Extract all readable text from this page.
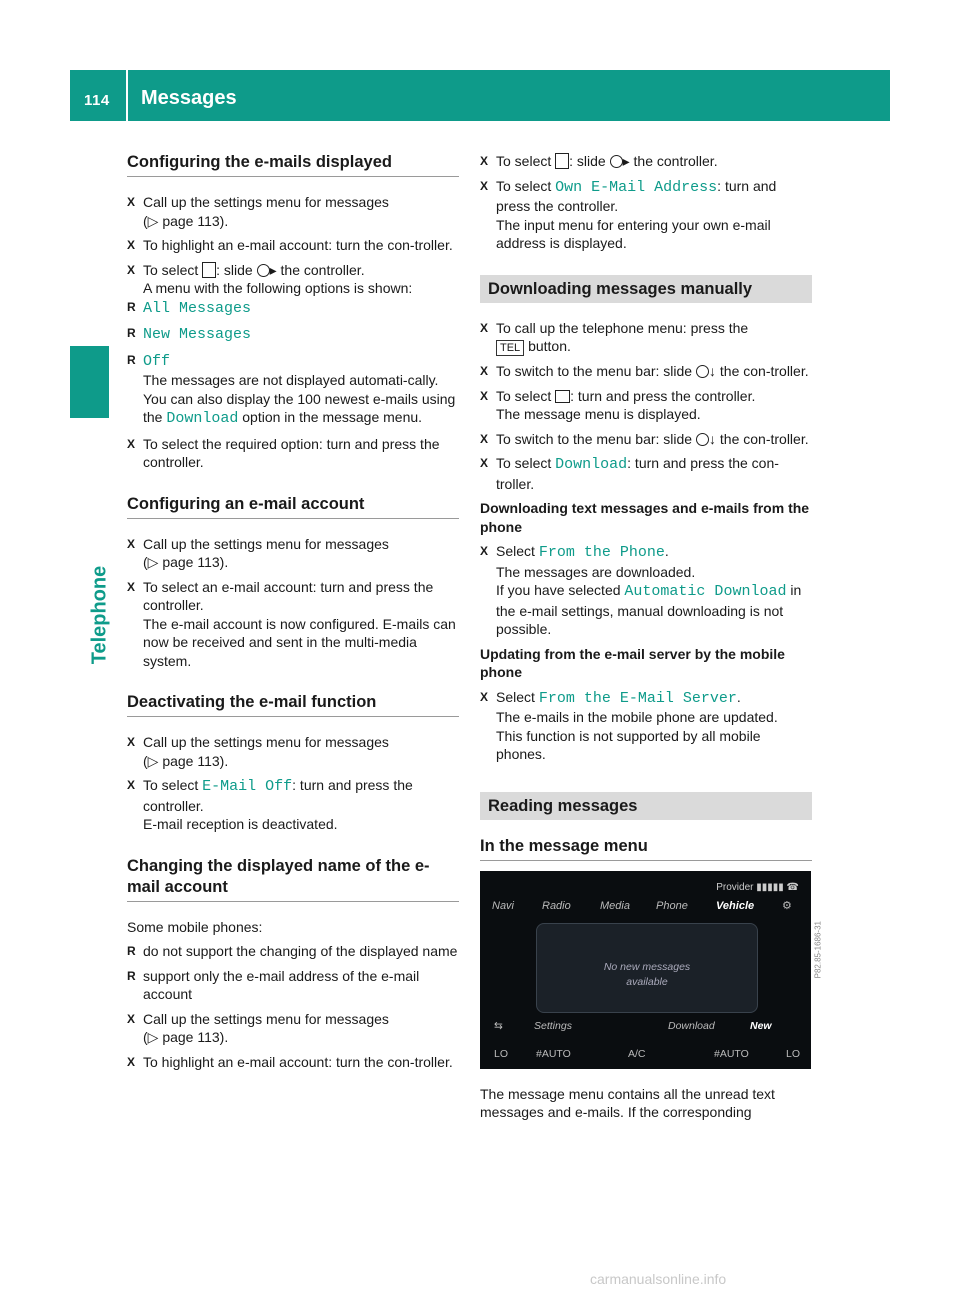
114 Messages
Telephone

Configuring the e-mails displayed

X Call up the settings menu for messages
(▷ page 113).

X To highlight an e-mail account: turn the con-troller.

X To select : slide ▸ the controller.
A menu with the following options is shown:

R All Messages

R New Messages

R Off

The messages are not displayed automati-cally. You can also display the 100 newest e-mails using the Download option in the message menu.

X To select the required option: turn and press the controller.

Configuring an e-mail account

X Call up the settings menu for messages
(▷ page 113).

X To select an e-mail account: turn and press the controller.
The e-mail account is now configured. E-mails can now be received and sent in the multi-media system.

Deactivating the e-mail function

X Call up the settings menu for messages
(▷ page 113).

X To select E-Mail Off: turn and press the controller.
E-mail reception is deactivated.

Changing the displayed name of the e-mail account

Some mobile phones:

R do not support the changing of the displayed name

R support only the e-mail address of the e-mail account

X Call up the settings menu for messages
(▷ page 113).

X To highlight an e-mail account: turn the con-troller.

X To select : slide ▸ the controller.

X To select Own E-Mail Address: turn and press the controller.
The input menu for entering your own e-mail address is displayed.

Downloading messages manually

X To call up the telephone menu: press the
TEL button.

X To switch to the menu bar: slide ↓ the con-troller.

X To select : turn and press the controller.
The message menu is displayed.

X To switch to the menu bar: slide ↓ the con-troller.

X To select Download: turn and press the con-troller.

Downloading text messages and e-mails from the phone

X Select From the Phone.
The messages are downloaded.

If you have selected Automatic Download in the e-mail settings, manual downloading is not possible.

Updating from the e-mail server by the mobile phone

X Select From the E-Mail Server.
The e-mails in the mobile phone are updated.

This function is not supported by all mobile phones.

Reading messages

In the message menu

Provider ▮▮▮▮▮ ☎
Navi	Radio	Media Phone	Vehicle	⚙
No new messages
available
⇆	Settings	Download	New
LO	#AUTO	A/C	#AUTO	LO
P82.85-1686-31

The message menu contains all the unread text messages and e-mails. If the corresponding

carmanualsonline.info
